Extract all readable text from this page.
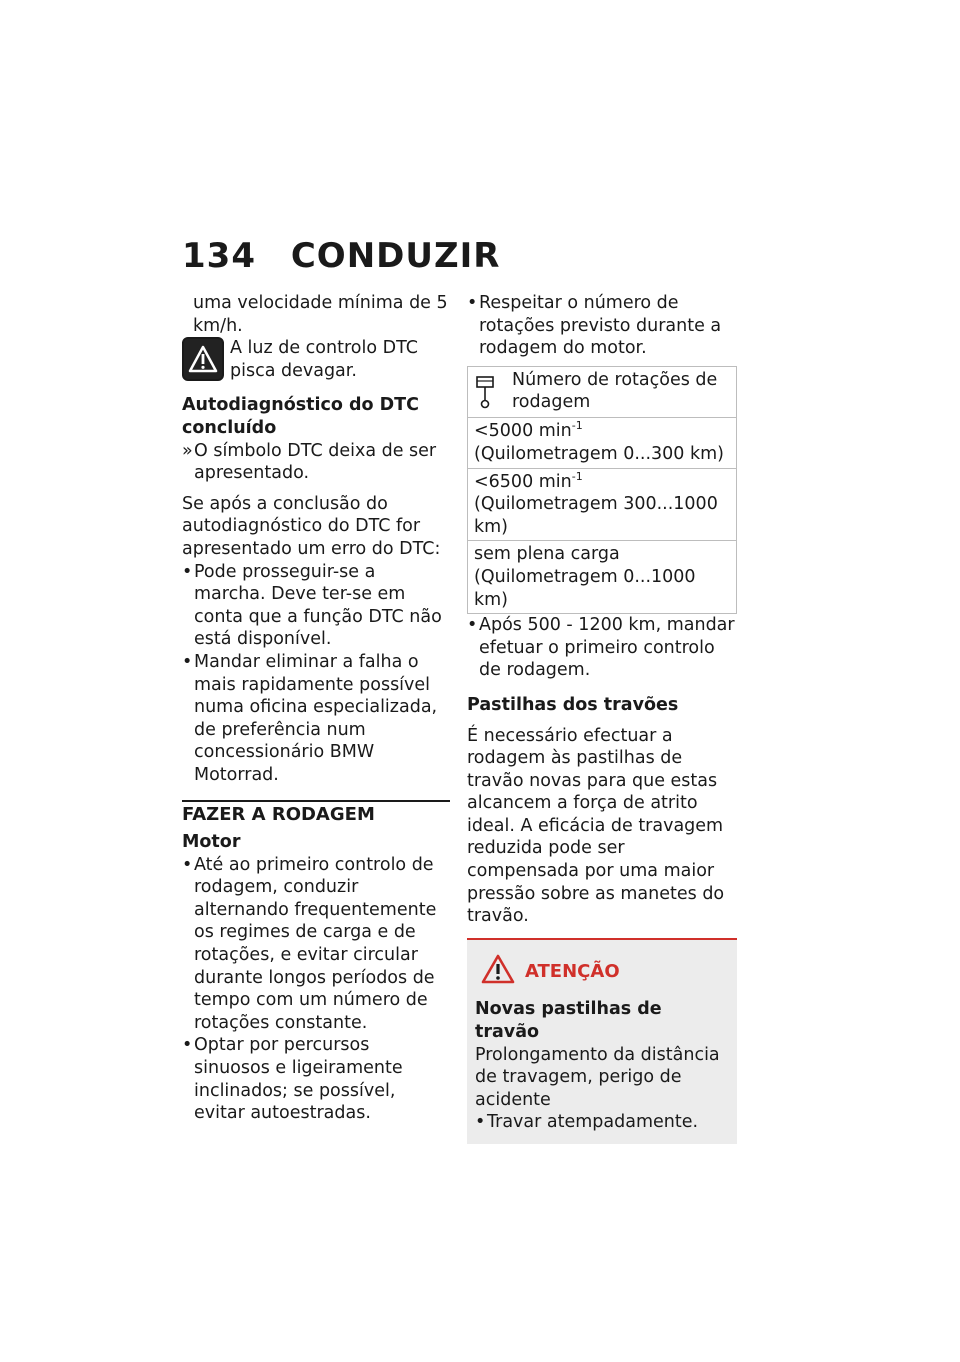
134 CONDUZIR

uma velocidade mínima de 5 km/h.

A luz de controlo DTC pisca devagar.

Autodiagnóstico do DTC concluído

»O símbolo DTC deixa de ser apresentado.

Se após a conclusão do autodiagnóstico do DTC for apresentado um erro do DTC:

•Pode prosseguir-se a marcha. Deve ter-se em conta que a função DTC não está disponível.

•Mandar eliminar a falha o mais rapidamente possível numa oficina especializada, de preferência num concessionário BMW Motorrad.

FAZER A RODAGEM

Motor

•Até ao primeiro controlo de rodagem, conduzir alternando frequentemente os regimes de carga e de rotações, e evitar circular durante longos períodos de tempo com um número de rotações constante.

•Optar por percursos sinuosos e ligeiramente inclinados; se possível, evitar autoestradas.

•Respeitar o número de rotações previsto durante a rodagem do motor.

Número de rotações de rodagem

<5000 $\min^{-1}$ (Quilometragem 0...300 km)
<6500 $\min^{-1}$ (Quilometragem 300...1000 km)
sem plena carga (Quilometragem 0...1000 km)

•Após 500 - 1200 km, mandar efetuar o primeiro controlo de rodagem.

Pastilhas dos travões

É necessário efectuar a rodagem às pastilhas de travão novas para que estas alcancem a força de atrito ideal. A eficácia de travagem reduzida pode ser compensada por uma maior pressão sobre as manetes do travão.

ATENÇÃO

Novas pastilhas de travão

Prolongamento da distância de travagem, perigo de acidente

•Travar atempadamente.
